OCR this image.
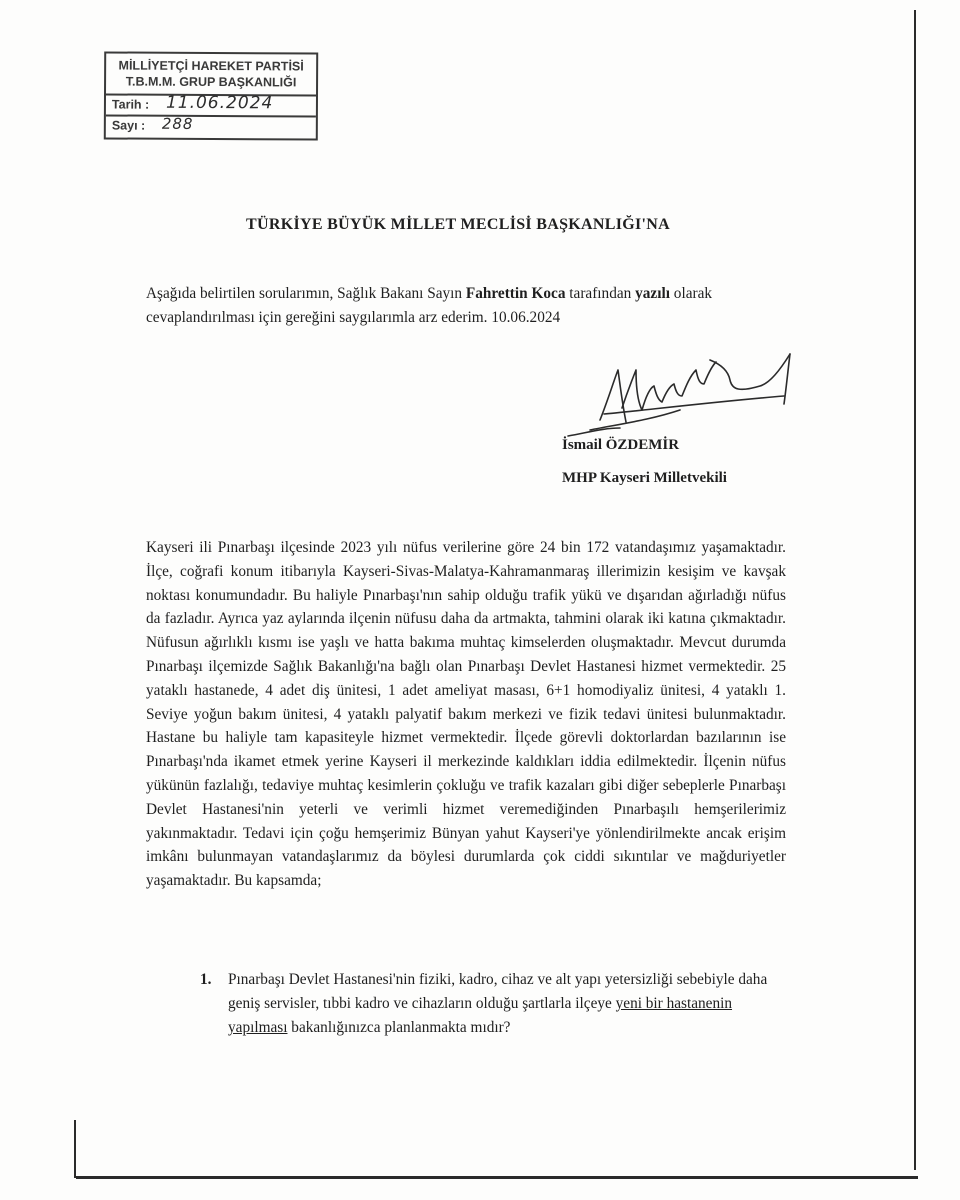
MİLLİYETÇİ HAREKET PARTİSİ
T.B.M.M. GRUP BAŞKANLIĞI
Tarih : 11.06.2024
Sayı : 288
TÜRKİYE BÜYÜK MİLLET MECLİSİ BAŞKANLIĞI'NA
Aşağıda belirtilen sorularımın, Sağlık Bakanı Sayın Fahrettin Koca tarafından yazılı olarak cevaplandırılması için gereğini saygılarımla arz ederim. 10.06.2024
İsmail ÖZDEMİR
MHP Kayseri Milletvekili
Kayseri ili Pınarbaşı ilçesinde 2023 yılı nüfus verilerine göre 24 bin 172 vatandaşımız yaşamaktadır. İlçe, coğrafi konum itibarıyla Kayseri-Sivas-Malatya-Kahramanmaraş illerimizin kesişim ve kavşak noktası konumundadır. Bu haliyle Pınarbaşı'nın sahip olduğu trafik yükü ve dışarıdan ağırladığı nüfus da fazladır. Ayrıca yaz aylarında ilçenin nüfusu daha da artmakta, tahmini olarak iki katına çıkmaktadır. Nüfusun ağırlıklı kısmı ise yaşlı ve hatta bakıma muhtaç kimselerden oluşmaktadır. Mevcut durumda Pınarbaşı ilçemizde Sağlık Bakanlığı'na bağlı olan Pınarbaşı Devlet Hastanesi hizmet vermektedir. 25 yataklı hastanede, 4 adet diş ünitesi, 1 adet ameliyat masası, 6+1 homodiyaliz ünitesi, 4 yataklı 1. Seviye yoğun bakım ünitesi, 4 yataklı palyatif bakım merkezi ve fizik tedavi ünitesi bulunmaktadır. Hastane bu haliyle tam kapasiteyle hizmet vermektedir. İlçede görevli doktorlardan bazılarının ise Pınarbaşı'nda ikamet etmek yerine Kayseri il merkezinde kaldıkları iddia edilmektedir. İlçenin nüfus yükünün fazlalığı, tedaviye muhtaç kesimlerin çokluğu ve trafik kazaları gibi diğer sebeplerle Pınarbaşı Devlet Hastanesi'nin yeterli ve verimli hizmet veremediğinden Pınarbaşılı hemşerilerimiz yakınmaktadır. Tedavi için çoğu hemşerimiz Bünyan yahut Kayseri'ye yönlendirilmekte ancak erişim imkânı bulunmayan vatandaşlarımız da böylesi durumlarda çok ciddi sıkıntılar ve mağduriyetler yaşamaktadır. Bu kapsamda;
1. Pınarbaşı Devlet Hastanesi'nin fiziki, kadro, cihaz ve alt yapı yetersizliği sebebiyle daha geniş servisler, tıbbi kadro ve cihazların olduğu şartlarla ilçeye yeni bir hastanenin yapılması bakanlığınızca planlanmakta mıdır?
